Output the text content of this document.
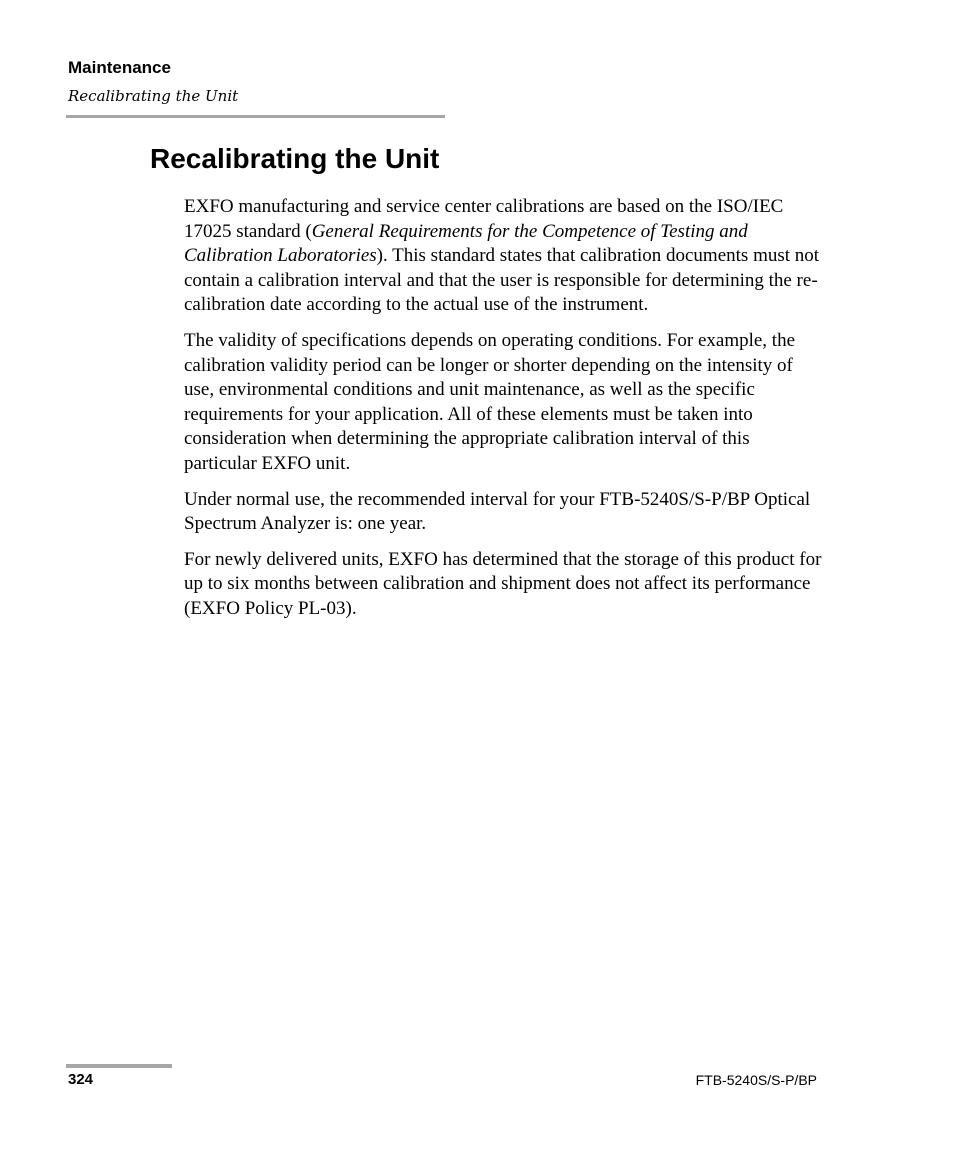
Maintenance
Recalibrating the Unit
Recalibrating the Unit

EXFO manufacturing and service center calibrations are based on the ISO/IEC 17025 standard (General Requirements for the Competence of Testing and Calibration Laboratories). This standard states that calibration documents must not contain a calibration interval and that the user is responsible for determining the re-calibration date according to the actual use of the instrument.

The validity of specifications depends on operating conditions. For example, the calibration validity period can be longer or shorter depending on the intensity of use, environmental conditions and unit maintenance, as well as the specific requirements for your application. All of these elements must be taken into consideration when determining the appropriate calibration interval of this particular EXFO unit.

Under normal use, the recommended interval for your FTB-5240S/S-P/BP Optical Spectrum Analyzer is: one year.

For newly delivered units, EXFO has determined that the storage of this product for up to six months between calibration and shipment does not affect its performance (EXFO Policy PL-03).

324	FTB-5240S/S-P/BP
